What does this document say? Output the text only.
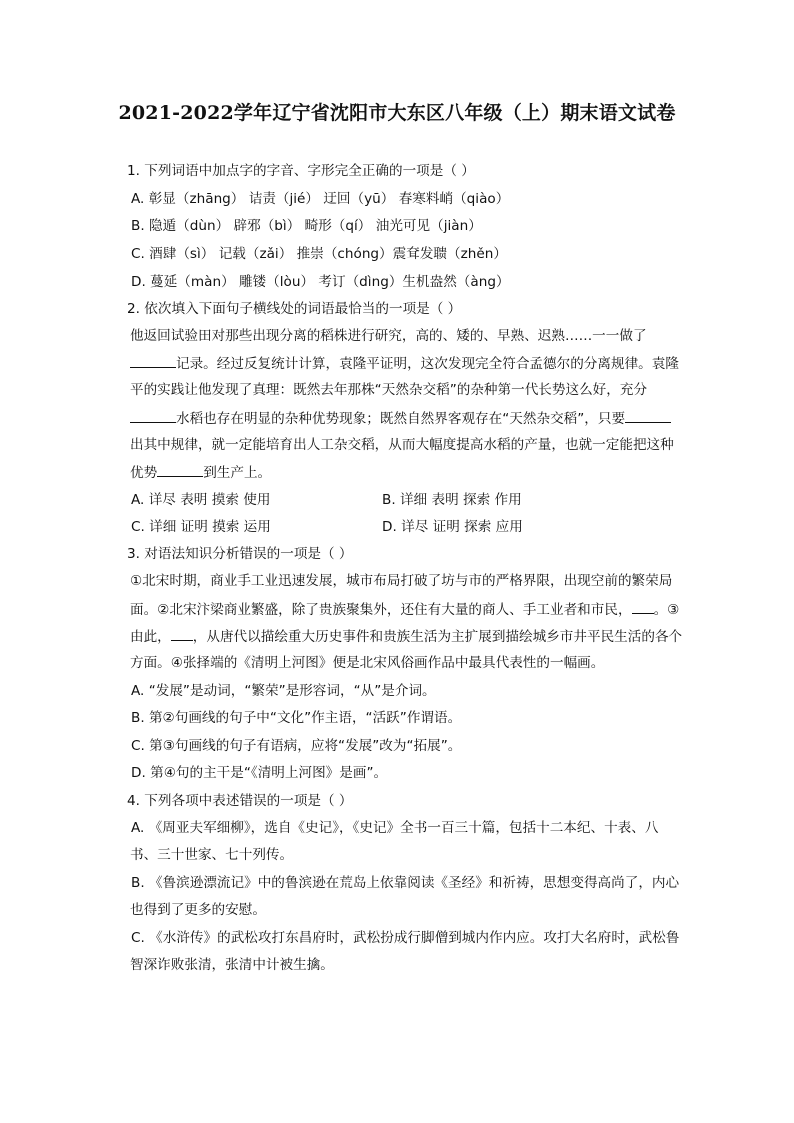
2021-2022学年辽宁省沈阳市大东区八年级（上）期末语文试卷
1. 下列词语中加点字的字音、字形完全正确的一项是（ ）
A. 彰显（zhāng） 诘责（jié） 迂回（yū） 春寒料峭（qiào）
B. 隐遁（dùn） 辟邪（bì） 畸形（qí） 油光可见（jiàn）
C. 酒肆（sì） 记载（zǎi） 推崇（chóng）震耷发聩（zhěn）
D. 蔓延（màn） 雕镂（lòu） 考订（dìng）生机盎然（àng）
2. 依次填入下面句子横线处的词语最恰当的一项是（ ）
他返回试验田对那些出现分离的稻株进行研究，高的、矮的、早熟、迟熟……一一做了
记录。经过反复统计计算，袁隆平证明，这次发现完全符合孟德尔的分离规律。袁隆
平的实践让他发现了真理：既然去年那株“天然杂交稻”的杂种第一代长势这么好，充分
水稻也存在明显的杂种优势现象；既然自然界客观存在“天然杂交稻”，只要
出其中规律，就一定能培育出人工杂交稻，从而大幅度提高水稻的产量，也就一定能把这种
优势	到生产上。
A. 详尽 表明 摸索 使用	B. 详细 表明 探索 作用
C. 详细 证明 摸索 运用	D. 详尽 证明 探索 应用
3. 对语法知识分析错误的一项是（ ）
①北宋时期，商业手工业迅速发展，城市布局打破了坊与市的严格界限，出现空前的繁荣局
面。②北宋汴梁商业繁盛，除了贵族聚集外，还住有大量的商人、手工业者和市民， 。③
由此， ，从唐代以描绘重大历史事件和贵族生活为主扩展到描绘城乡市井平民生活的各个
方面。④张择端的《清明上河图》便是北宋风俗画作品中最具代表性的一幅画。
A. “发展”是动词，“繁荣”是形容词，“从”是介词。
B. 第②句画线的句子中“文化”作主语，“活跃”作谓语。
C. 第③句画线的句子有语病，应将“发展”改为“拓展”。
D. 第④句的主干是“《清明上河图》是画”。
4. 下列各项中表述错误的一项是（ ）
A. 《周亚夫军细柳》，选自《史记》，《史记》全书一百三十篇，包括十二本纪、十表、八
书、三十世家、七十列传。
B. 《鲁滨逊漂流记》中的鲁滨逊在荒岛上依靠阅读《圣经》和祈祷，思想变得高尚了，内心
也得到了更多的安慰。
C. 《水浒传》的武松攻打东昌府时，武松扮成行脚僧到城内作内应。攻打大名府时，武松鲁
智深诈败张清，张清中计被生擒。
